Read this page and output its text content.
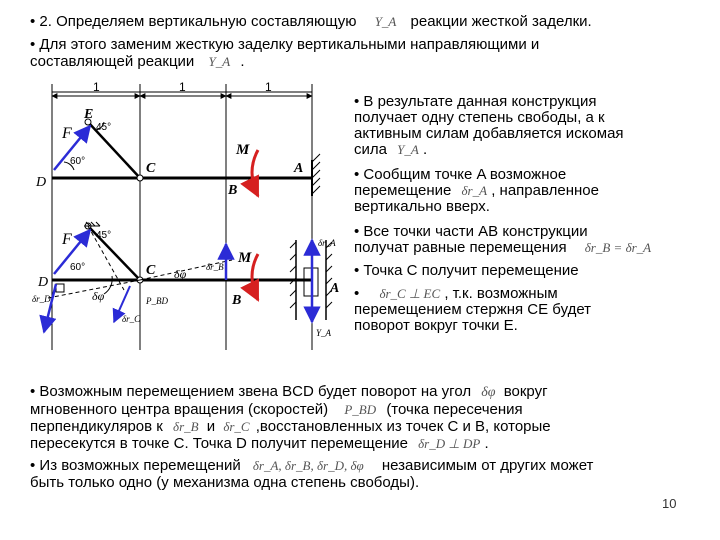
• 2. Определяем вертикальную составляющую Y_A реакции жесткой заделки.
• Для этого заменим жесткую заделку вертикальными направляющими и
составляющей реакции Y_A .
1	1	1
E
F 45°
60°	C
D
B
A
M
F 45°
60°	C
D
B
A
M
P_BD
δφ
δφ
δr_D
δr_C
δr_B
δr_A
Y_A
• В результате данная конструкция
получает одну степень свободы, а к
активным силам добавляется искомая
сила Y_A .
• Сообщим точке A возможное
перемещение δr_A , направленное
вертикально вверх.
• Все точки части AB конструкции
получат равные перемещения δr_B = δr_A
• Точка C получит перемещение
• δr_C ⊥ EC , т.к. возможным
перемещением стержня CE будет
поворот вокруг точки E.
• Возможным перемещением звена BCD будет поворот на угол δφ вокруг
мгновенного центра вращения (скоростей) P_BD (точка пересечения
перпендикуляров к δr_B и δr_C ,восстановленных из точек C и B, которые
пересекутся в точке C. Точка D получит перемещение δr_D ⊥ DP .
• Из возможных перемещений δr_A, δr_B, δr_D, δφ независимым от других может
быть только одно (у механизма одна степень свободы).
10
